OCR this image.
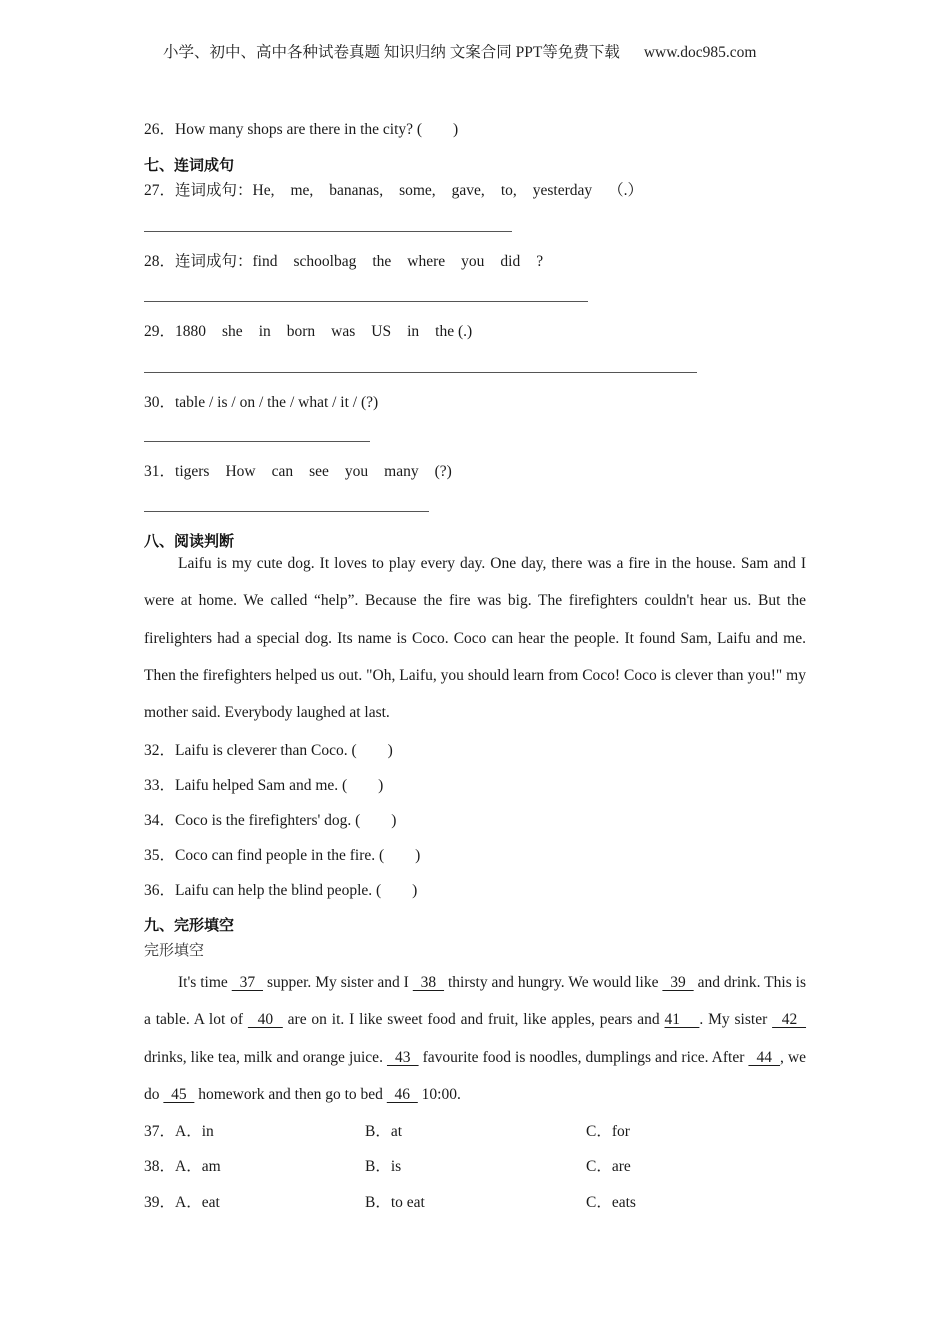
小学、初中、高中各种试卷真题 知识归纳 文案合同 PPT等免费下载 www.doc985.com
26．How many shops are there in the city? (　　)
七、连词成句
27．连词成句：He, me, bananas, some, gave, to, yesterday （.）
28．连词成句：find schoolbag the where you did ?
29．1880 she in born was US in the (.)
30．table / is / on / the / what / it / (?)
31．tigers How can see you many (?)
八、阅读判断
Laifu is my cute dog. It loves to play every day. One day, there was a fire in the house. Sam and I were at home. We called “help”. Because the fire was big. The firefighters couldn't hear us. But the firelighters had a special dog. Its name is Coco. Coco can hear the people. It found Sam, Laifu and me. Then the firefighters helped us out. "Oh, Laifu, you should learn from Coco! Coco is clever than you!" my mother said. Everybody laughed at last.
32．Laifu is cleverer than Coco. (　　)
33．Laifu helped Sam and me. (　　)
34．Coco is the firefighters' dog. (　　)
35．Coco can find people in the fire. (　　)
36．Laifu can help the blind people. (　　)
九、完形填空
完形填空
It's time   37   supper. My sister and I   38   thirsty and hungry. We would like   39   and drink. This is a table. A lot of   40   are on it. I like sweet food and fruit, like apples, pears and 41    . My sister   42   drinks, like tea, milk and orange juice.   43   favourite food is noodles, dumplings and rice. After   44  , we do   45   homework and then go to bed   46   10:00.
37．A．in	B．at	C．for
38．A．am	B．is	C．are
39．A．eat	B．to eat	C．eats
